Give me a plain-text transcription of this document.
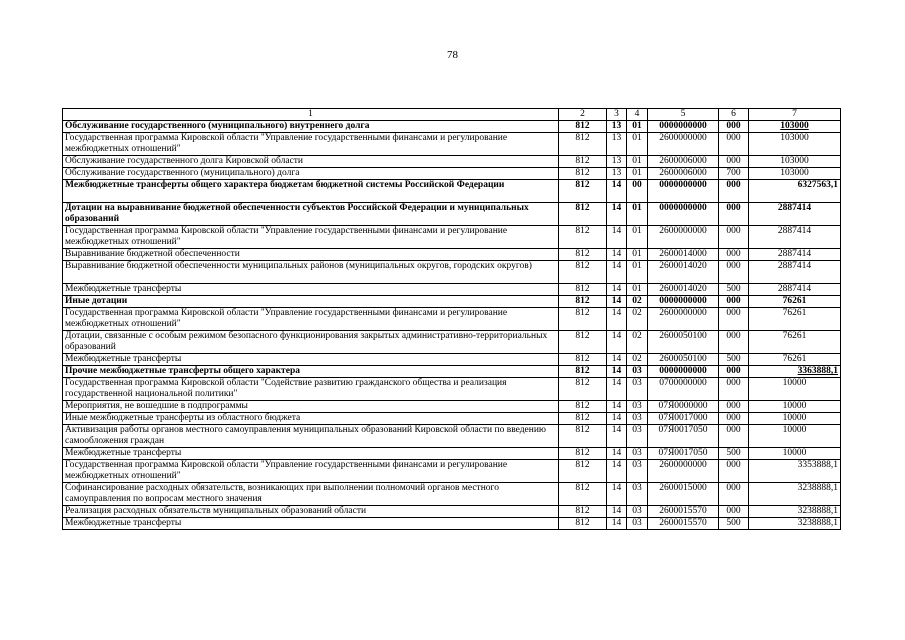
78
1	2	3	4	5	6	7
Обслуживание государственного (муниципального) внутреннего долга	812	13	01	0000000000	000	103000
Государственная программа Кировской области "Управление государственными финансами и регулирование межбюджетных отношений"	812	13	01	2600000000	000	103000
Обслуживание государственного долга Кировской области	812	13	01	2600006000	000	103000
Обслуживание государственного (муниципального) долга	812	13	01	2600006000	700	103000
Межбюджетные трансферты общего характера бюджетам бюджетной системы Российской Федерации	812	14	00	0000000000	000	6327563,1
Дотации на выравнивание бюджетной обеспеченности субъектов Российской Федерации и муниципальных образований	812	14	01	0000000000	000	2887414
Государственная программа Кировской области "Управление государственными финансами и регулирование межбюджетных отношений"	812	14	01	2600000000	000	2887414
Выравнивание бюджетной обеспеченности	812	14	01	2600014000	000	2887414
Выравнивание бюджетной обеспеченности муниципальных районов (муниципальных округов, городских округов)	812	14	01	2600014020	000	2887414
Межбюджетные трансферты	812	14	01	2600014020	500	2887414
Иные дотации	812	14	02	0000000000	000	76261
Государственная программа Кировской области "Управление государственными финансами и регулирование межбюджетных отношений"	812	14	02	2600000000	000	76261
Дотации, связанные с особым режимом безопасного функционирования закрытых административно-территориальных образований	812	14	02	2600050100	000	76261
Межбюджетные трансферты	812	14	02	2600050100	500	76261
Прочие межбюджетные трансферты общего характера	812	14	03	0000000000	000	3363888,1
Государственная программа Кировской области "Содействие развитию гражданского общества и реализация государственной национальной политики"	812	14	03	0700000000	000	10000
Мероприятия, не вошедшие в подпрограммы	812	14	03	07Я0000000	000	10000
Иные межбюджетные трансферты из областного бюджета	812	14	03	07Я0017000	000	10000
Активизация работы органов местного самоуправления муниципальных образований Кировской области по введению самообложения граждан	812	14	03	07Я0017050	000	10000
Межбюджетные трансферты	812	14	03	07Я0017050	500	10000
Государственная программа Кировской области "Управление государственными финансами и регулирование межбюджетных отношений"	812	14	03	2600000000	000	3353888,1
Софинансирование расходных обязательств, возникающих при выполнении полномочий органов местного самоуправления по вопросам местного значения	812	14	03	2600015000	000	3238888,1
Реализация расходных обязательств муниципальных образований области	812	14	03	2600015570	000	3238888,1
Межбюджетные трансферты	812	14	03	2600015570	500	3238888,1
